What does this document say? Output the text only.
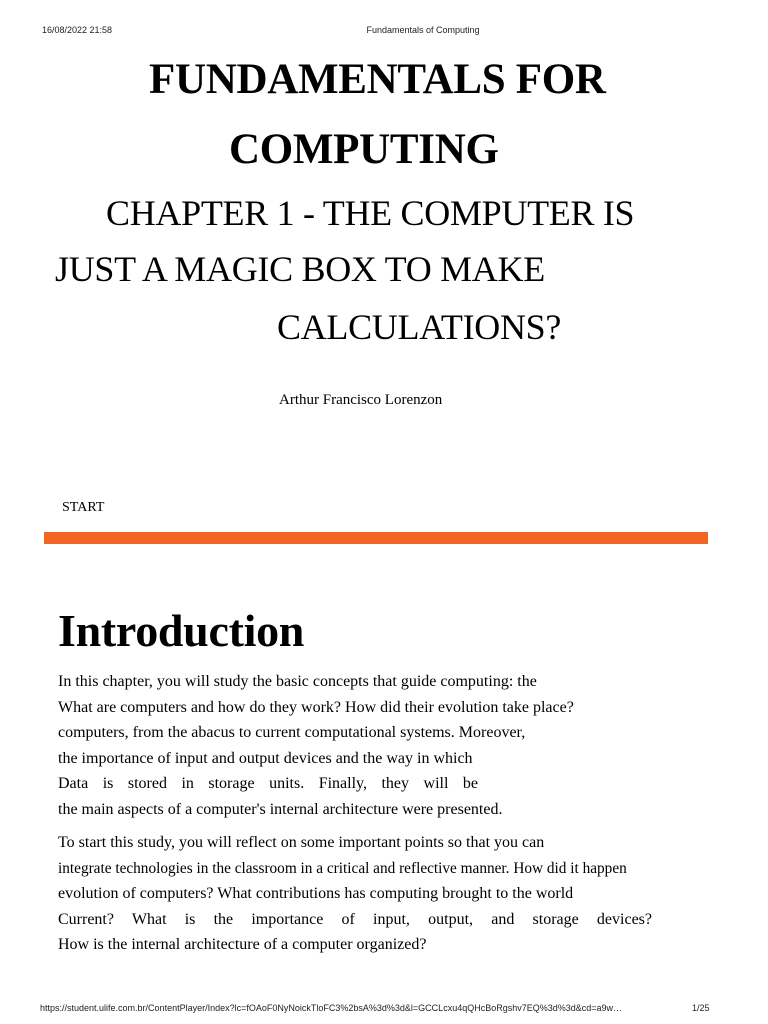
16/08/2022 21:58	Fundamentals of Computing
FUNDAMENTALS FOR
COMPUTING
CHAPTER 1 - THE COMPUTER IS
JUST A MAGIC BOX TO MAKE
CALCULATIONS?
Arthur Francisco Lorenzon
START
Introduction
In this chapter, you will study the basic concepts that guide computing: the
What are computers and how do they work? How did their evolution take place?
computers, from the abacus to current computational systems. Moreover,
the importance of input and output devices and the way in which
Data is stored in storage units. Finally, they will be
the main aspects of a computer's internal architecture were presented.
To start this study, you will reflect on some important points so that you can
integrate technologies in the classroom in a critical and reflective manner. How did it happen
evolution of computers? What contributions has computing brought to the world
Current? What is the importance of input, output, and storage devices?
How is the internal architecture of a computer organized?
https://student.ulife.com.br/ContentPlayer/Index?lc=fOAoF0NyNoickTloFC3%2bsA%3d%3d&l=GCCLcxu4qQHcBoRgshv7EQ%3d%3d&cd=a9w…	1/25
